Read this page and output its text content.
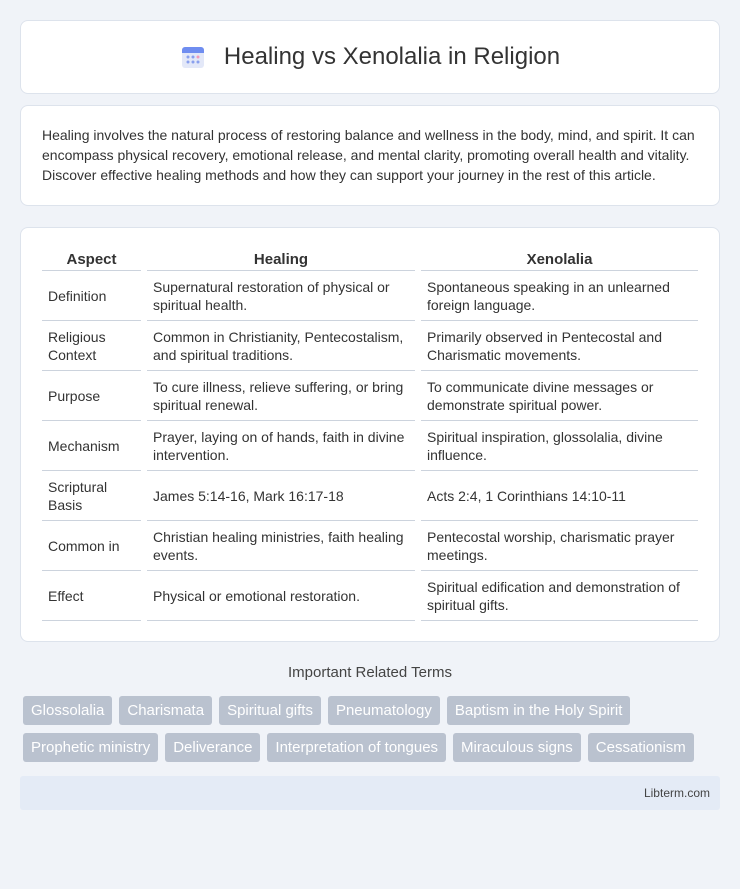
Healing vs Xenolalia in Religion
Healing involves the natural process of restoring balance and wellness in the body, mind, and spirit. It can encompass physical recovery, emotional release, and mental clarity, promoting overall health and vitality. Discover effective healing methods and how they can support your journey in the rest of this article.
Aspect	Healing	Xenolalia
Definition	Supernatural restoration of physical or spiritual health.	Spontaneous speaking in an unlearned foreign language.
Religious Context	Common in Christianity, Pentecostalism, and spiritual traditions.	Primarily observed in Pentecostal and Charismatic movements.
Purpose	To cure illness, relieve suffering, or bring spiritual renewal.	To communicate divine messages or demonstrate spiritual power.
Mechanism	Prayer, laying on of hands, faith in divine intervention.	Spiritual inspiration, glossolalia, divine influence.
Scriptural Basis	James 5:14-16, Mark 16:17-18	Acts 2:4, 1 Corinthians 14:10-11
Common in	Christian healing ministries, faith healing events.	Pentecostal worship, charismatic prayer meetings.
Effect	Physical or emotional restoration.	Spiritual edification and demonstration of spiritual gifts.
Important Related Terms
Glossolalia	Charismata	Spiritual gifts	Pneumatology	Baptism in the Holy Spirit
Prophetic ministry	Deliverance	Interpretation of tongues	Miraculous signs	Cessationism
Libterm.com
